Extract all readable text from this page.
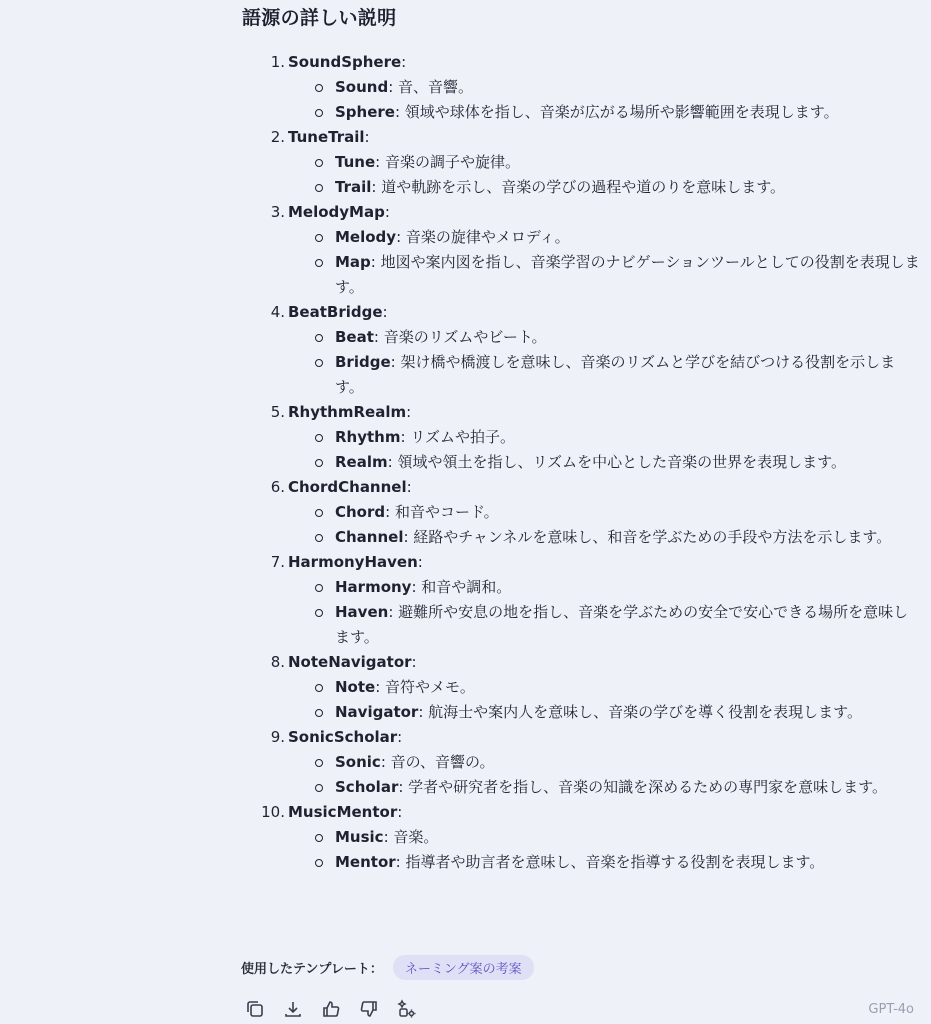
語源の詳しい説明
1. SoundSphere:
Sound: 音、音響。
Sphere: 領域や球体を指し、音楽が広がる場所や影響範囲を表現します。
2. TuneTrail:
Tune: 音楽の調子や旋律。
Trail: 道や軌跡を示し、音楽の学びの過程や道のりを意味します。
3. MelodyMap:
Melody: 音楽の旋律やメロディ。
Map: 地図や案内図を指し、音楽学習のナビゲーションツールとしての役割を表現します。
4. BeatBridge:
Beat: 音楽のリズムやビート。
Bridge: 架け橋や橋渡しを意味し、音楽のリズムと学びを結びつける役割を示します。
5. RhythmRealm:
Rhythm: リズムや拍子。
Realm: 領域や領土を指し、リズムを中心とした音楽の世界を表現します。
6. ChordChannel:
Chord: 和音やコード。
Channel: 経路やチャンネルを意味し、和音を学ぶための手段や方法を示します。
7. HarmonyHaven:
Harmony: 和音や調和。
Haven: 避難所や安息の地を指し、音楽を学ぶための安全で安心できる場所を意味します。
8. NoteNavigator:
Note: 音符やメモ。
Navigator: 航海士や案内人を意味し、音楽の学びを導く役割を表現します。
9. SonicScholar:
Sonic: 音の、音響の。
Scholar: 学者や研究者を指し、音楽の知識を深めるための専門家を意味します。
10. MusicMentor:
Music: 音楽。
Mentor: 指導者や助言者を意味し、音楽を指導する役割を表現します。
使用したテンプレート：	ネーミング案の考案
GPT-4o
